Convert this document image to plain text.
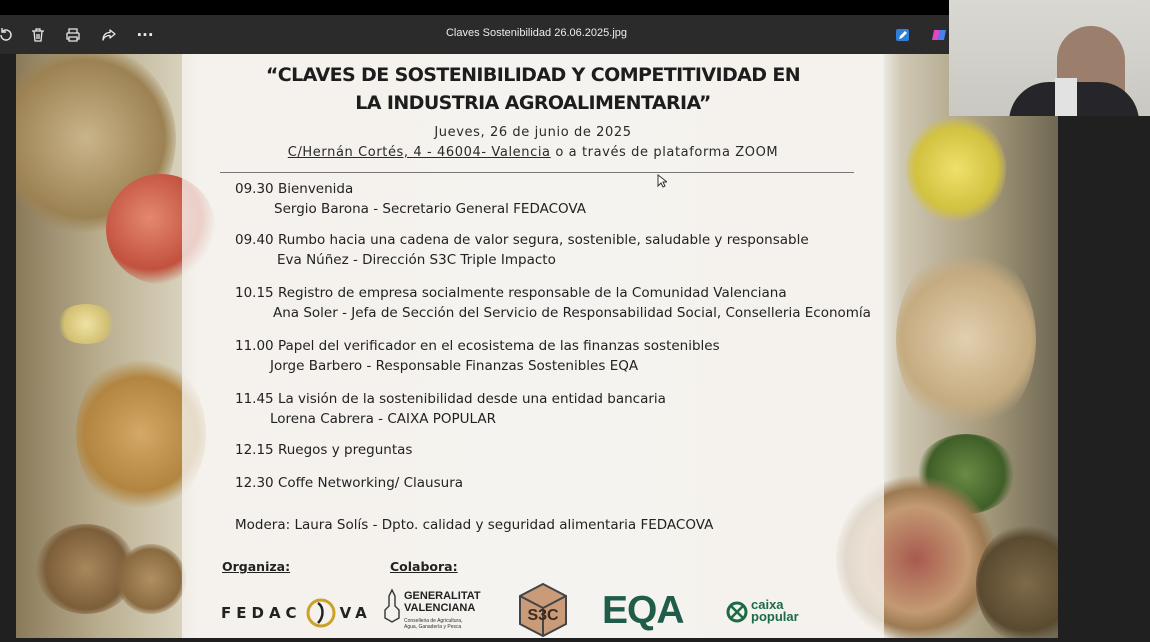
···	Claves Sostenibilidad 26.06.2025.jpg
“CLAVES DE SOSTENIBILIDAD Y COMPETITIVIDAD EN
LA INDUSTRIA AGROALIMENTARIA”
Jueves, 26 de junio de 2025
C/Hernán Cortés, 4 - 46004- Valencia o a través de plataforma ZOOM
09.30 Bienvenida
Sergio Barona - Secretario General FEDACOVA
09.40 Rumbo hacia una cadena de valor segura, sostenible, saludable y responsable
Eva Núñez - Dirección S3C Triple Impacto
10.15 Registro de empresa socialmente responsable de la Comunidad Valenciana
Ana Soler - Jefa de Sección del Servicio de Responsabilidad Social, Conselleria Economía
11.00 Papel del verificador en el ecosistema de las finanzas sostenibles
Jorge Barbero - Responsable Finanzas Sostenibles EQA
11.45 La visión de la sostenibilidad desde una entidad bancaria
Lorena Cabrera - CAIXA POPULAR
12.15 Ruegos y preguntas
12.30 Coffe Networking/ Clausura
Modera: Laura Solís - Dpto. calidad y seguridad alimentaria FEDACOVA
Organiza:	Colabora:
FEDAC	VA
GENERALITAT
VALENCIANA
Conselleria de Agricultura,
Agua, Ganadería y Pesca
S3C EQA	caixa
popular
